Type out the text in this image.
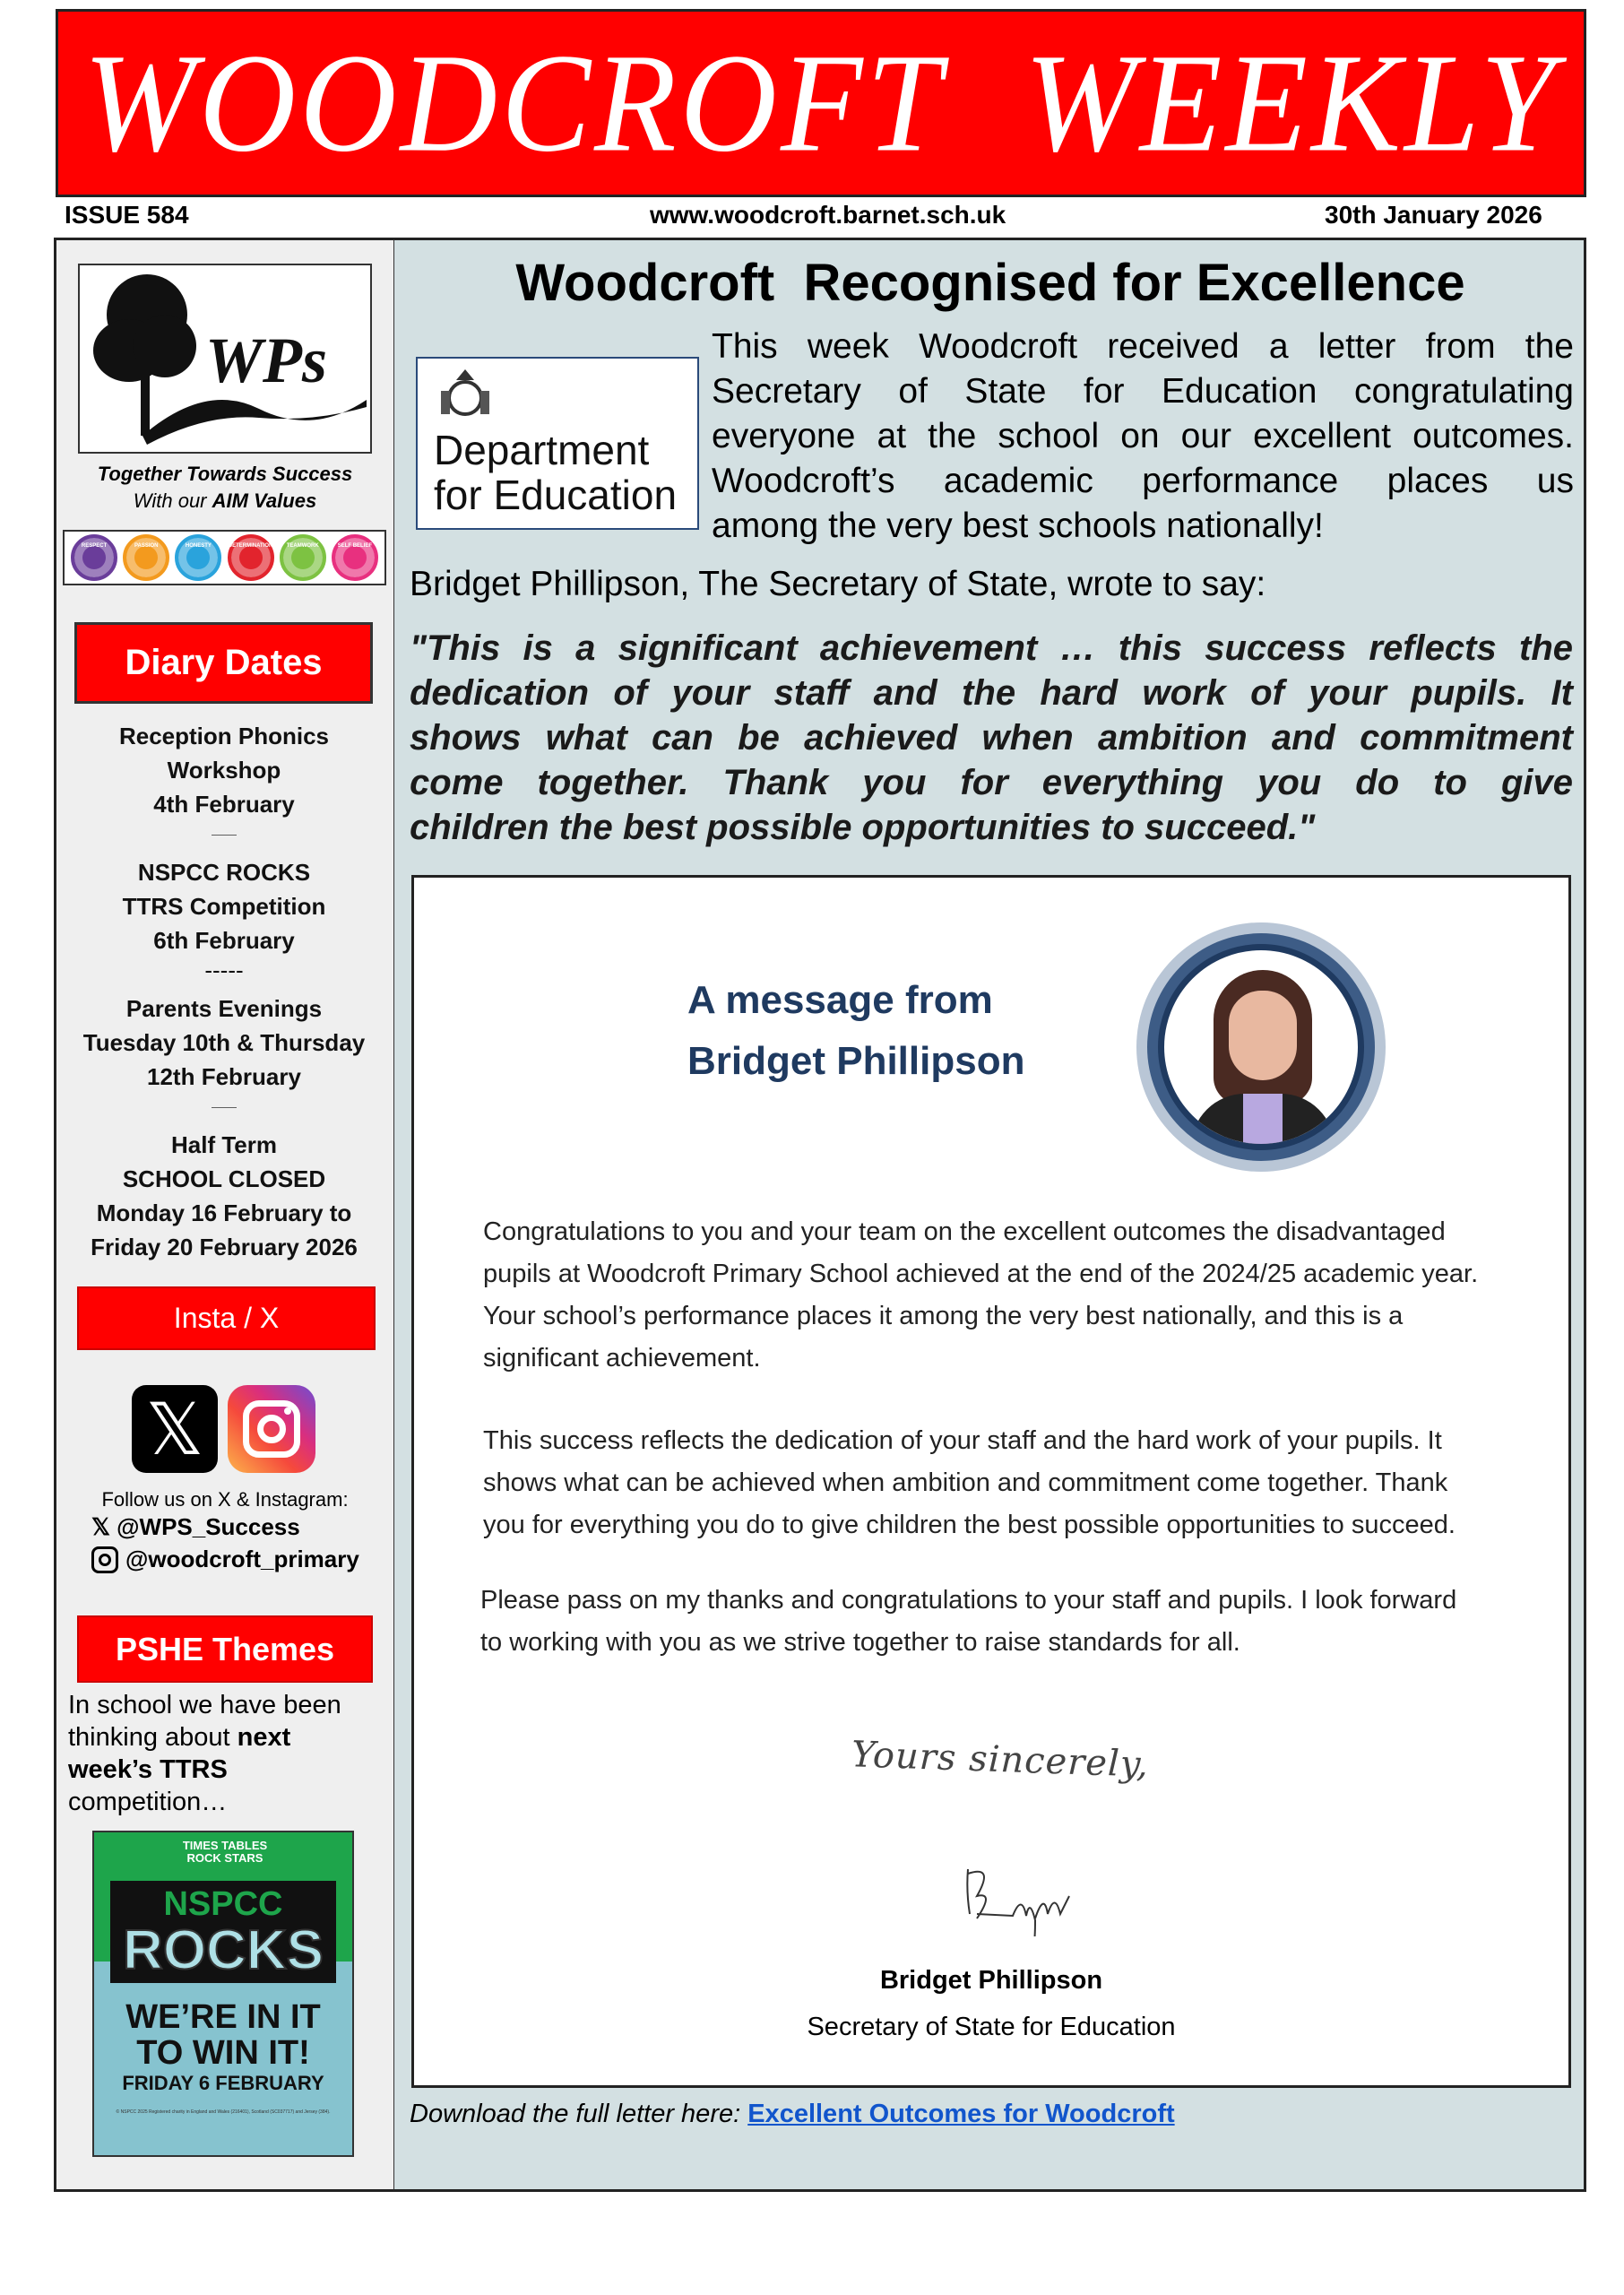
WOODCROFT WEEKLY
ISSUE 584	www.woodcroft.barnet.sch.uk	30th January 2026
WPs
Together Towards Success
With our AIM Values
RESPECT	PASSION	HONESTY	DETERMINATION	TEAMWORK	SELF BELIEF
Diary Dates
Reception Phonics
Workshop
4th February
——
NSPCC ROCKS
TTRS Competition
6th February
-----
Parents Evenings
Tuesday 10th & Thursday
12th February
——
Half Term
SCHOOL CLOSED
Monday 16 February to
Friday 20 February 2026
Insta / X
𝕏
Follow us on X & Instagram:
𝕏 @WPS_Success
@woodcroft_primary
PSHE Themes
In school we have been thinking about next week’s TTRS competition…
TIMES TABLES ROCK STARS
NSPCC
ROCKS
WE’RE IN IT
TO WIN IT!
FRIDAY 6 FEBRUARY
© NSPCC 2025 Registered charity in England and Wales (216401), Scotland (SC037717) and Jersey (384).
Woodcroft  Recognised for Excellence
Department
for Education
This week Woodcroft received a letter from the
Secretary of State for Education congratulating
everyone at the school on our excellent outcomes.
Woodcroft’s academic performance places us
among the very best schools nationally!
Bridget Phillipson, The Secretary of State, wrote to say:
"This is a significant achievement … this success reflects the
dedication of your staff and the hard work of your pupils. It
shows what can be achieved when ambition and commitment
come together. Thank you for everything you do to give
children the best possible opportunities to succeed."
A message from
Bridget Phillipson
Congratulations to you and your team on the excellent outcomes the disadvantaged
pupils at Woodcroft Primary School achieved at the end of the 2024/25 academic year.
Your school’s performance places it among the very best nationally, and this is a
significant achievement.
This success reflects the dedication of your staff and the hard work of your pupils. It
shows what can be achieved when ambition and commitment come together. Thank
you for everything you do to give children the best possible opportunities to succeed.
Please pass on my thanks and congratulations to your staff and pupils. I look forward
to working with you as we strive together to raise standards for all.
Yours sincerely,
Bridget Phillipson
Secretary of State for Education
Download the full letter here: Excellent Outcomes for Woodcroft
